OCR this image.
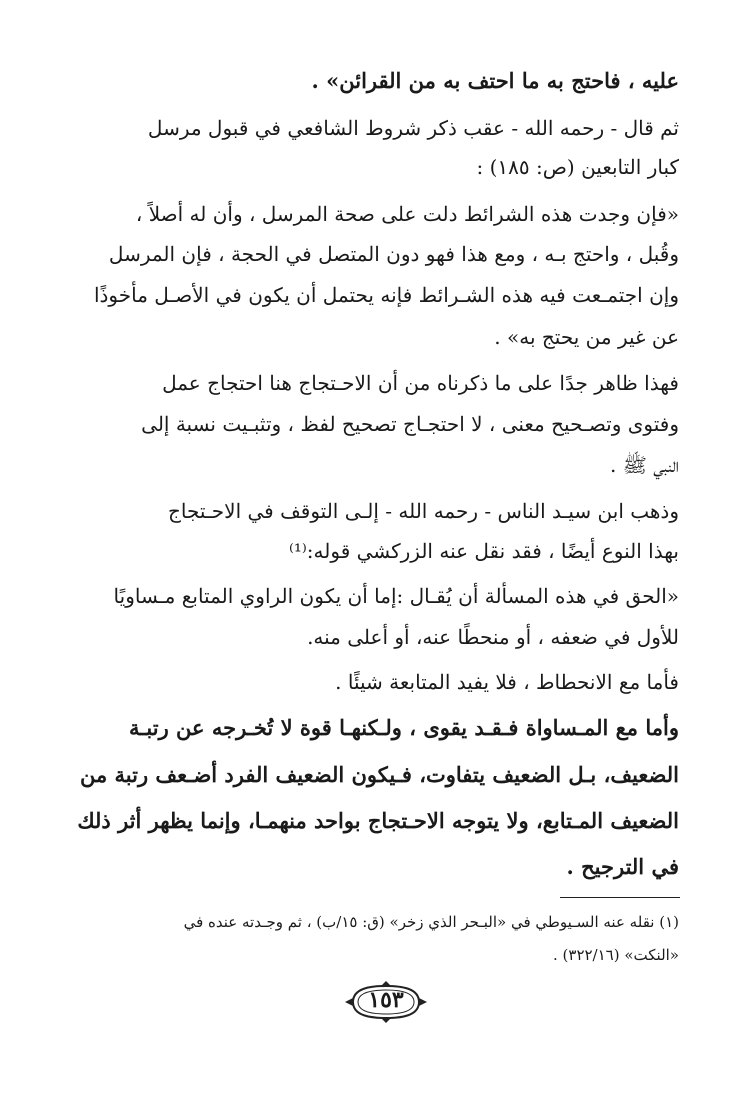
عليه ، فاحتج به ما احتف به من القرائن» .
ثم قال - رحمه الله - عقب ذكر شروط الشافعي في قبول مرسل
كبار التابعين (ص: ١٨٥) :
«فإن وجدت هذه الشرائط دلت على صحة المرسل ، وأن له أصلاً ،
وقُبل ، واحتج بـه ، ومع هذا فهو دون المتصل في الحجة ، فإن المرسل
وإن اجتمـعت فيه هذه الشـرائط فإنه يحتمل أن يكون في الأصـل مأخوذًا
عن غير من يحتج به» .
فهذا ظاهر جدًا على ما ذكرناه من أن الاحـتجاج هنا احتجاج عمل
وفتوى وتصـحيح معنى ، لا احتجـاج تصحيح لفظ ، وتثبـيت نسبة إلى
النبي ﷺ .
وذهب ابن سيـد الناس - رحمه الله - إلـى التوقف في الاحـتجاج
بهذا النوع أيضًا ، فقد نقل عنه الزركشي قوله:⁽¹⁾
«الحق في هذه المسألة أن يُقـال :إما أن يكون الراوي المتابع مـساويًا
للأول في ضعفه ، أو منحطًا عنه، أو أعلى منه.
فأما مع الانحطاط ، فلا يفيد المتابعة شيئًا .
وأما مع المـساواة فـقـد يقوى ، ولـكنهـا قوة لا تُخـرجه عن رتبـة
الضعيف، بـل الضعيف يتفاوت، فـيكون الضعيف الفرد أضـعف رتبة من
الضعيف المـتابع، ولا يتوجه الاحـتجاج بواحد منهمـا، وإنما يظهر أثر ذلك
في الترجيح .
(١) نقله عنه السـيوطي في «البـحر الذي زخر» (ق: ١٥/ب) ، ثم وجـدته عنده في
«النكت» (٣٢٢/١٦) .
١٥٣
